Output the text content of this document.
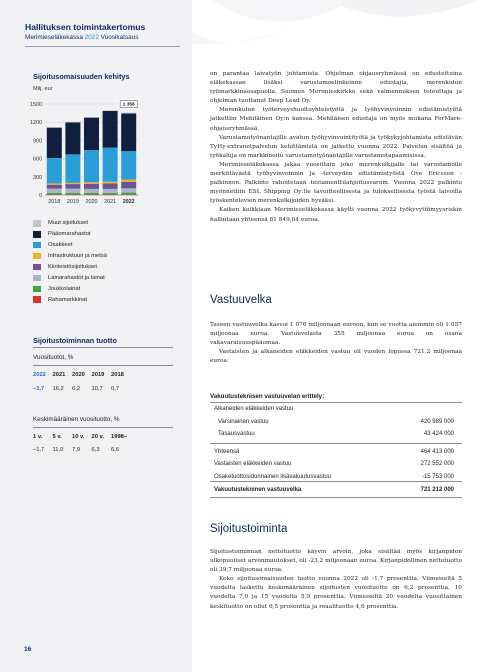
Hallituksen toimintakertomus
Merimieseläkekassa 2022 Vuosikatsaus
Sijoitusomaisuuden kehitys
Milj. eur
1500
1200
900
600
300
0
2018 2019 2020 2021 2022
1 358
Muut sijoitukset
Pääomarahastot
Osakkeet
Infrastruktuuri ja metsä
Kiinteistösijoitukset
Lainarahastot ja lainat
Joukkolainat
Rahamarkkinat
Sijoitustoiminnan tuotto
Vuosituotot, %
2022	2021	2020	2019	2018
–1,7	16,2	6,2	10,7	0,7
Keskimääräinen vuosituotto, %
1 v.	5 v.	10 v.	20 v.	1998–
–1,7	11,0	7,9	6,3	6,6
16

on parantaa laivatyön johtamista. Ohjelman ohjausryhmässä on edustettuina eläkekassan lisäksi varustamoelinkeinon edustajia, merenkulun työmarkkinaosapuolia, Suomen Merimieskirkko sekä valmennuksen toteuttaja ja ohjelman tuottanut Deep Lead Oy.

Merenkulun työterveyshuoltoyhteistyötä ja työhyvinvoinnin edistämistyötä jatkettiin Mehiläinen Oy:n kanssa. Mehiläisen edustaja on myös mukana ForMare-ohjausryhmässä.

Varustamotyönantajille avatun työhyvinvointityötä ja työkykyjohtamista edistävän TyHy-extranetpalvelun kehittämistä on jatkettu vuonna 2022. Palvelun sisältöä ja työkaluja on markkinoitu varustamotyönantajille varustamotapaamisissa.

Merimieseläkekassa jakaa vuosittain joko merenkulkijalle tai varustamolle merkittävästä työhyvinvoinnin ja -terveyden edistämistyöstä Ove Ericsson -palkinnon. Palkinto rahoitetaan testamenttilahjoitusvaroin. Vuonna 2022 palkinto myönnettiin ESL Shipping Oy:lle tavoitteellisesta ja tuloksellisesta työstä laivoilla työskentelevien merenkulkijoiden hyväksi.

Kaiken kaikkiaan Merimieseläkekassa käytti vuonna 2022 työkyvyttömyysriskin hallintaan yhteensä 81 849,64 euroa.

Vastuuvelka

Taseen vastuuvelka kasvoi 1 076 miljoonaan euroon, kun se vuotta aiemmin oli 1 057 miljoonaa euroa. Vastuuvelasta 355 miljoonaa euroa on osana vakavaraisuuspääomaa.

Vastaisten ja alkaneiden eläkkeiden vastuu oli vuoden lopussa 721,2 miljoonaa euroa.

Vakuutusteknisen vastuuvelan erittely:
Alkaneiden eläkkeiden vastuu
Varsinainen vastuu	420 989 000
Tasausvastuu	43 424 000
Yhteensä	464 413 000
Vastaisten eläkkeiden vastuu	272 552 000
Osaketuottosidonnainen lisävakuutusvastuu	-15 753 000
Vakuutustekninen vastuuvelka	721 212 000
Sijoitustoiminta

Sijoitustoiminnan nettotuotto käyvin arvoin, joka sisältää myös kirjanpidon ulkopuoliset arvonmuutokset, oli -23,2 miljoonaan euroa. Kirjanpidollinen nettotuotto oli 39,7 miljoonaa euroa.

Koko sijoitusomaisuuden tuotto vuonna 2022 oli -1,7 prosenttia. Viimeiseltä 5 vuodelta laskettu keskimääräinen sijoitusten vuosituotto on 6,2 prosenttia, 10 vuodelta 7,0 ja 15 vuodelta 5,9 prosenttia. Viimeiseltä 20 vuodelta vuosittainen keskituotto on ollut 6,5 prosenttia ja reaalituotto 4,6 prosenttia.
